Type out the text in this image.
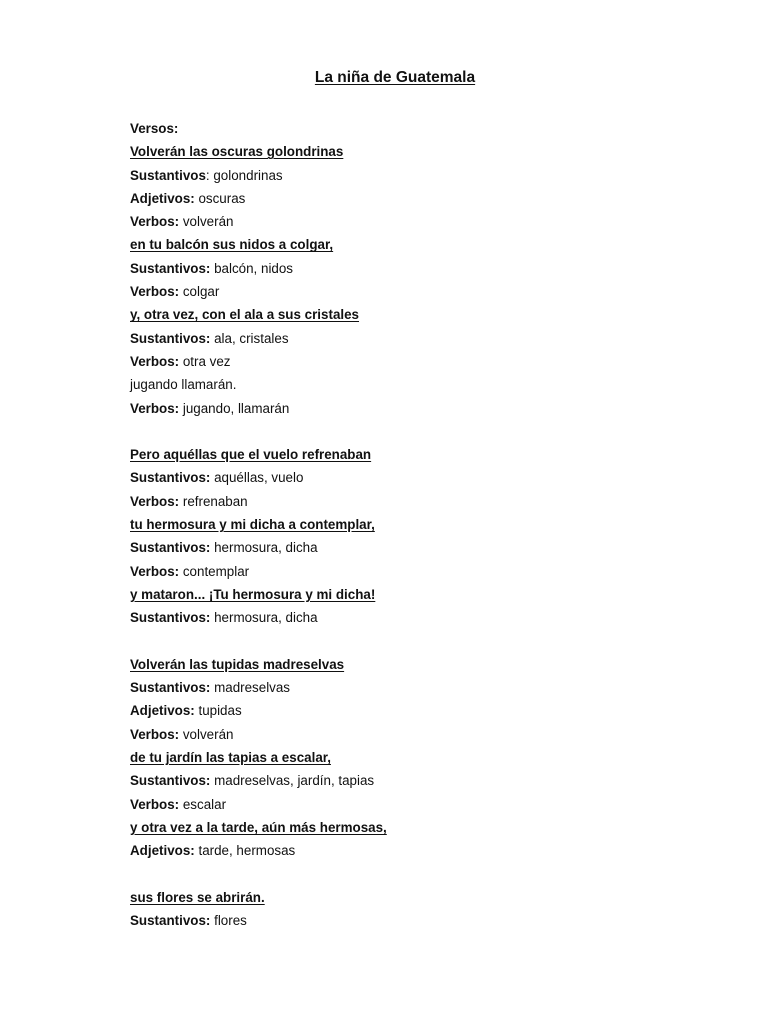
La niña de Guatemala
Versos:
Volverán las oscuras golondrinas
Sustantivos: golondrinas
Adjetivos: oscuras
Verbos: volverán
en tu balcón sus nidos a colgar,
Sustantivos: balcón, nidos
Verbos: colgar
y, otra vez, con el ala a sus cristales
Sustantivos: ala, cristales
Verbos: otra vez
jugando llamarán.
Verbos: jugando, llamarán
Pero aquéllas que el vuelo refrenaban
Sustantivos: aquéllas, vuelo
Verbos: refrenaban
tu hermosura y mi dicha a contemplar,
Sustantivos: hermosura, dicha
Verbos: contemplar
y mataron... ¡Tu hermosura y mi dicha!
Sustantivos: hermosura, dicha
Volverán las tupidas madreselvas
Sustantivos: madreselvas
Adjetivos: tupidas
Verbos: volverán
de tu jardín las tapias a escalar,
Sustantivos: madreselvas, jardín, tapias
Verbos: escalar
y otra vez a la tarde, aún más hermosas,
Adjetivos: tarde, hermosas
sus flores se abrirán.
Sustantivos: flores
